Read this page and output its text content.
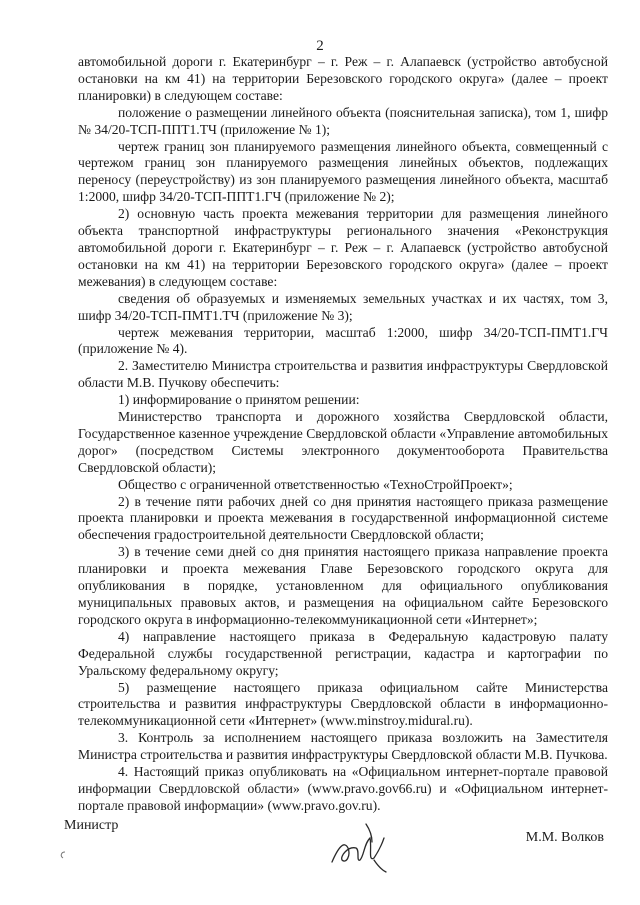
2

автомобильной дороги г. Екатеринбург – г. Реж – г. Алапаевск (устройство автобусной остановки на км 41) на территории Березовского городского округа» (далее – проект планировки) в следующем составе:

положение о размещении линейного объекта (пояснительная записка), том 1, шифр № 34/20-ТСП-ППТ1.ТЧ (приложение № 1);

чертеж границ зон планируемого размещения линейного объекта, совмещенный с чертежом границ зон планируемого размещения линейных объектов, подлежащих переносу (переустройству) из зон планируемого размещения линейного объекта, масштаб 1:2000, шифр 34/20-ТСП-ППТ1.ГЧ (приложение № 2);

2) основную часть проекта межевания территории для размещения линейного объекта транспортной инфраструктуры регионального значения «Реконструкция автомобильной дороги г. Екатеринбург – г. Реж – г. Алапаевск (устройство автобусной остановки на км 41) на территории Березовского городского округа» (далее – проект межевания) в следующем составе:

сведения об образуемых и изменяемых земельных участках и их частях, том 3, шифр 34/20-ТСП-ПМТ1.ТЧ (приложение № 3);

чертеж межевания территории, масштаб 1:2000, шифр 34/20-ТСП-ПМТ1.ГЧ (приложение № 4).

2. Заместителю Министра строительства и развития инфраструктуры Свердловской области М.В. Пучкову обеспечить:

1) информирование о принятом решении:

Министерство транспорта и дорожного хозяйства Свердловской области, Государственное казенное учреждение Свердловской области «Управление автомобильных дорог» (посредством Системы электронного документооборота Правительства Свердловской области);

Общество с ограниченной ответственностью «ТехноСтройПроект»;

2) в течение пяти рабочих дней со дня принятия настоящего приказа размещение проекта планировки и проекта межевания в государственной информационной системе обеспечения градостроительной деятельности Свердловской области;

3) в течение семи дней со дня принятия настоящего приказа направление проекта планировки и проекта межевания Главе Березовского городского округа для опубликования в порядке, установленном для официального опубликования муниципальных правовых актов, и размещения на официальном сайте Березовского городского округа в информационно-телекоммуникационной сети «Интернет»;

4) направление настоящего приказа в Федеральную кадастровую палату Федеральной службы государственной регистрации, кадастра и картографии по Уральскому федеральному округу;

5) размещение настоящего приказа официальном сайте Министерства строительства и развития инфраструктуры Свердловской области в информационно-телекоммуникационной сети «Интернет» (www.minstroy.midural.ru).

3. Контроль за исполнением настоящего приказа возложить на Заместителя Министра строительства и развития инфраструктуры Свердловской области М.В. Пучкова.

4. Настоящий приказ опубликовать на «Официальном интернет-портале правовой информации Свердловской области» (www.pravo.gov66.ru) и «Официальном интернет-портале правовой информации» (www.pravo.gov.ru).

Министр
М.М. Волков
